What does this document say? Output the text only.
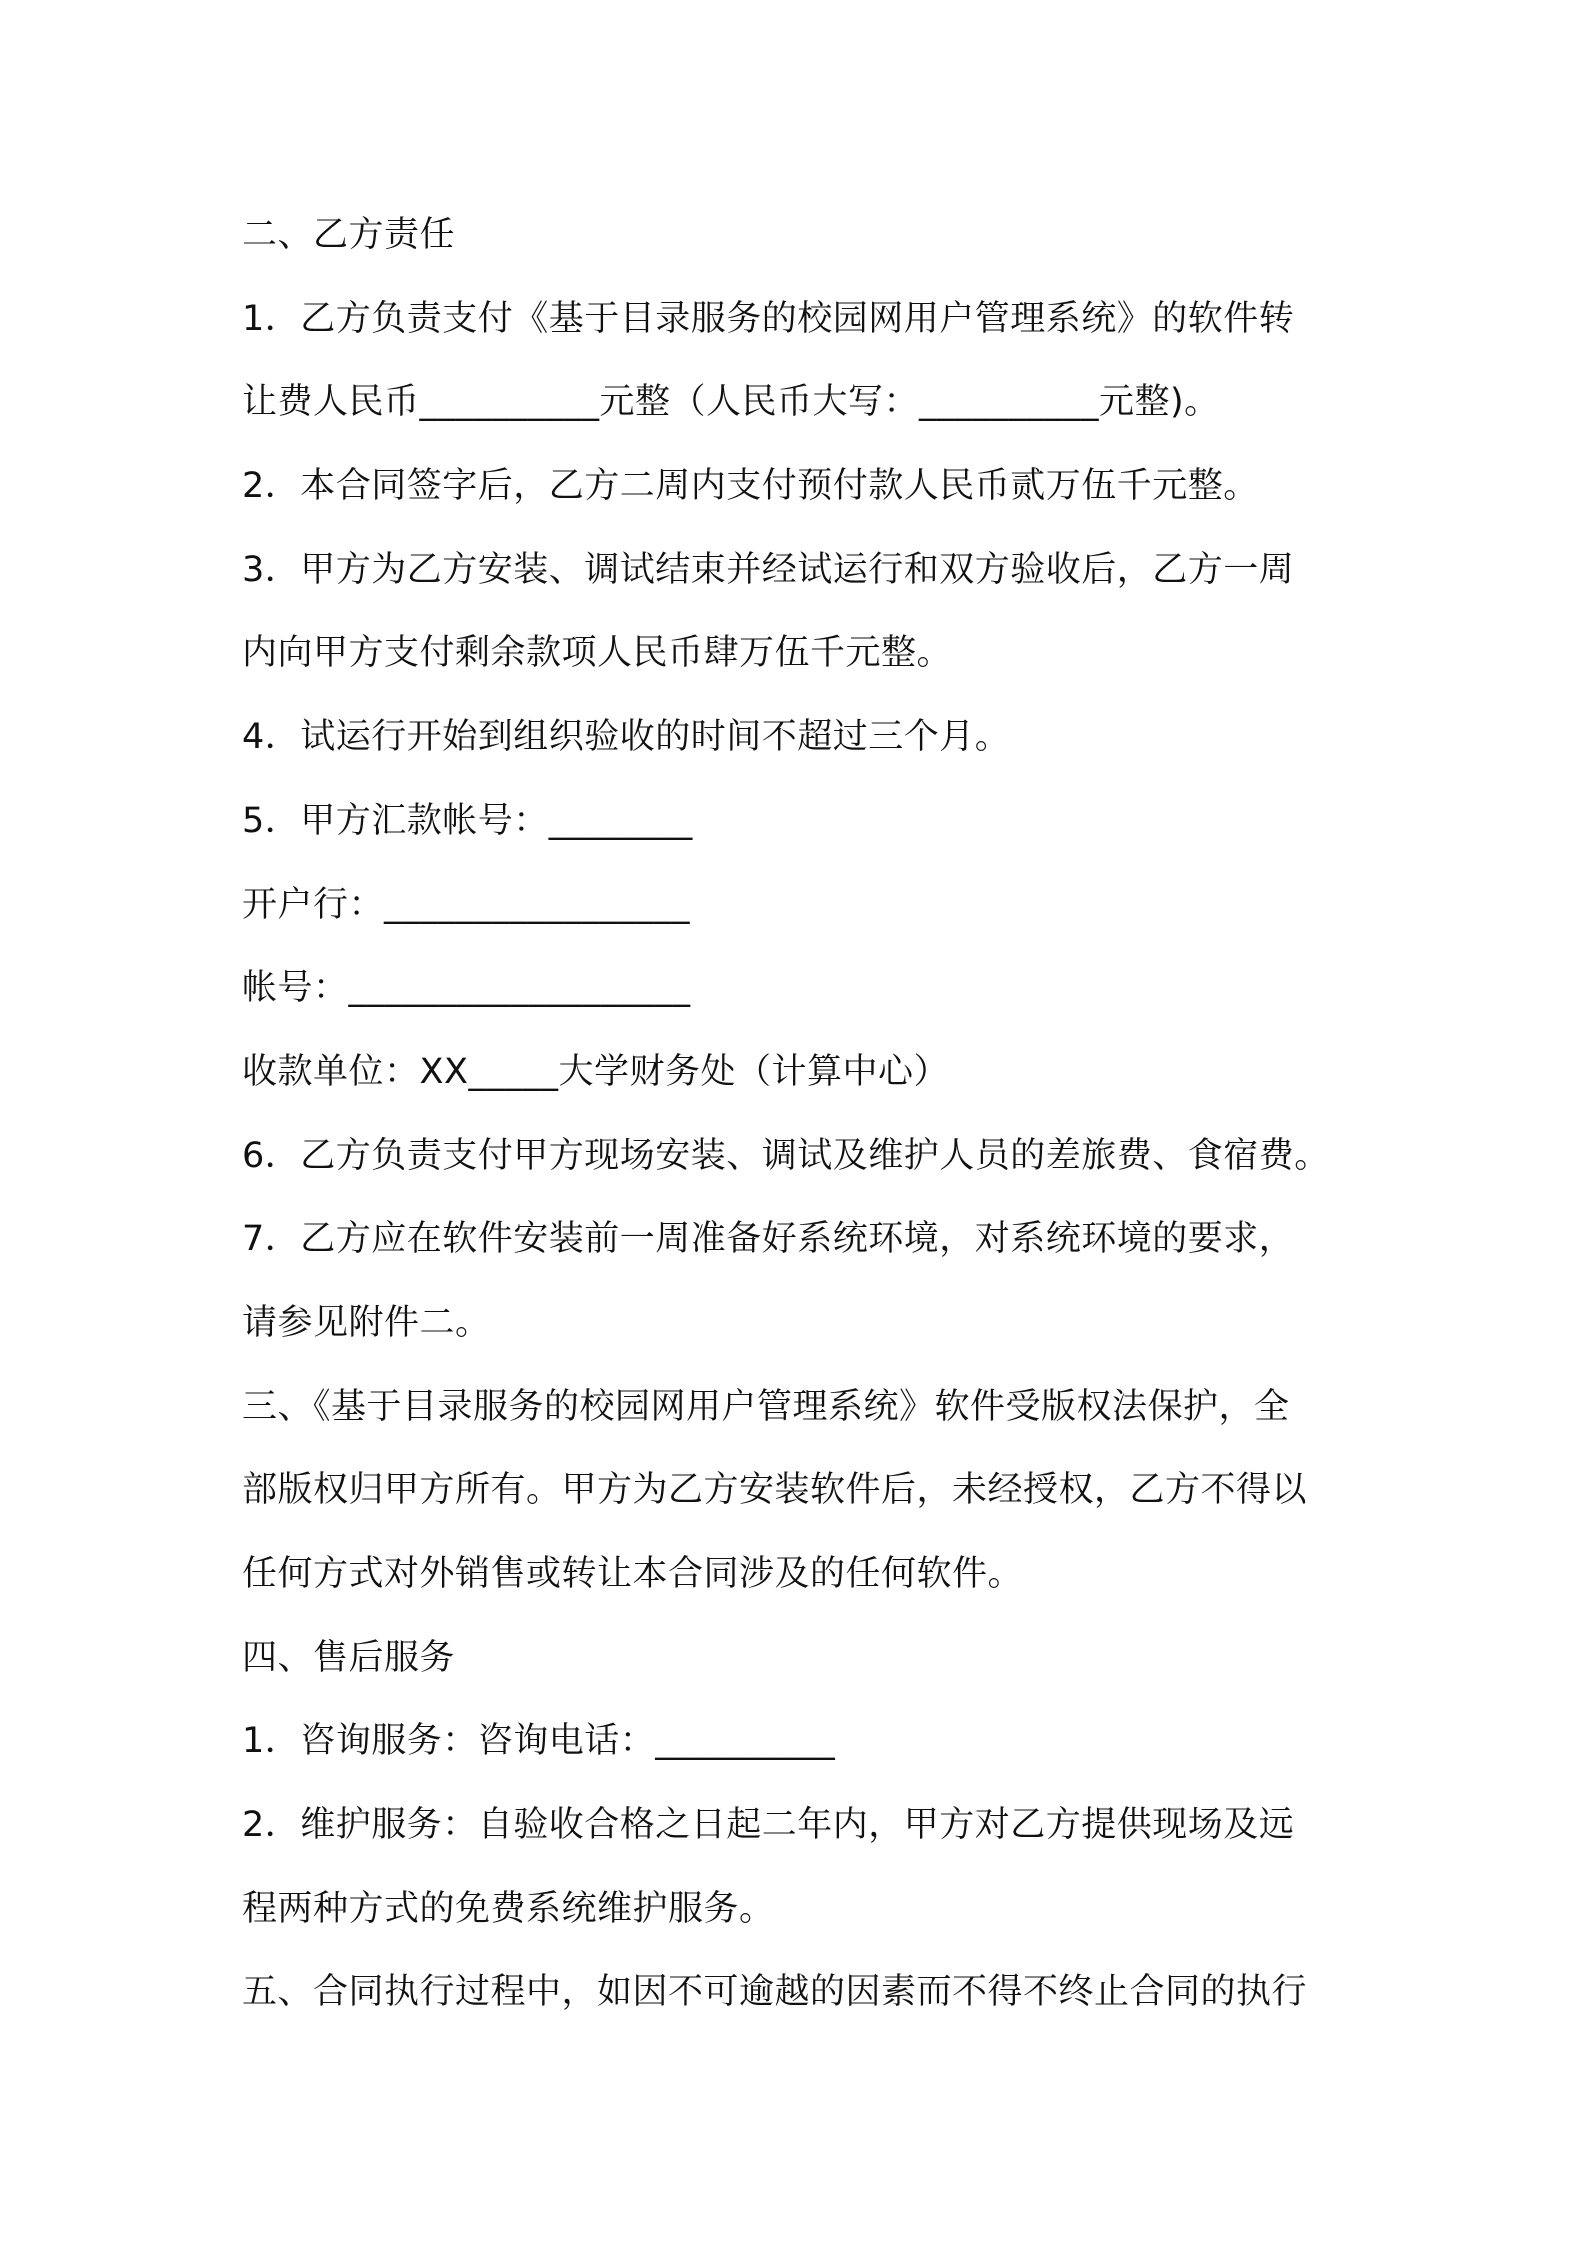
二、乙方责任
1．乙方负责支付《基于目录服务的校园网用户管理系统》的软件转
让费人民币__________元整（人民币大写：__________元整)。
2．本合同签字后，乙方二周内支付预付款人民币贰万伍千元整。
3．甲方为乙方安装、调试结束并经试运行和双方验收后，乙方一周
内向甲方支付剩余款项人民币肆万伍千元整。
4．试运行开始到组织验收的时间不超过三个月。
5．甲方汇款帐号：________
开户行：_________________
帐号：___________________
收款单位：XX_____大学财务处（计算中心）
6．乙方负责支付甲方现场安装、调试及维护人员的差旅费、食宿费。
7．乙方应在软件安装前一周准备好系统环境，对系统环境的要求，
请参见附件二。
三、《基于目录服务的校园网用户管理系统》软件受版权法保护，全
部版权归甲方所有。甲方为乙方安装软件后，未经授权，乙方不得以
任何方式对外销售或转让本合同涉及的任何软件。
四、售后服务
1．咨询服务：咨询电话：__________
2．维护服务：自验收合格之日起二年内，甲方对乙方提供现场及远
程两种方式的免费系统维护服务。
五、合同执行过程中，如因不可逾越的因素而不得不终止合同的执行
